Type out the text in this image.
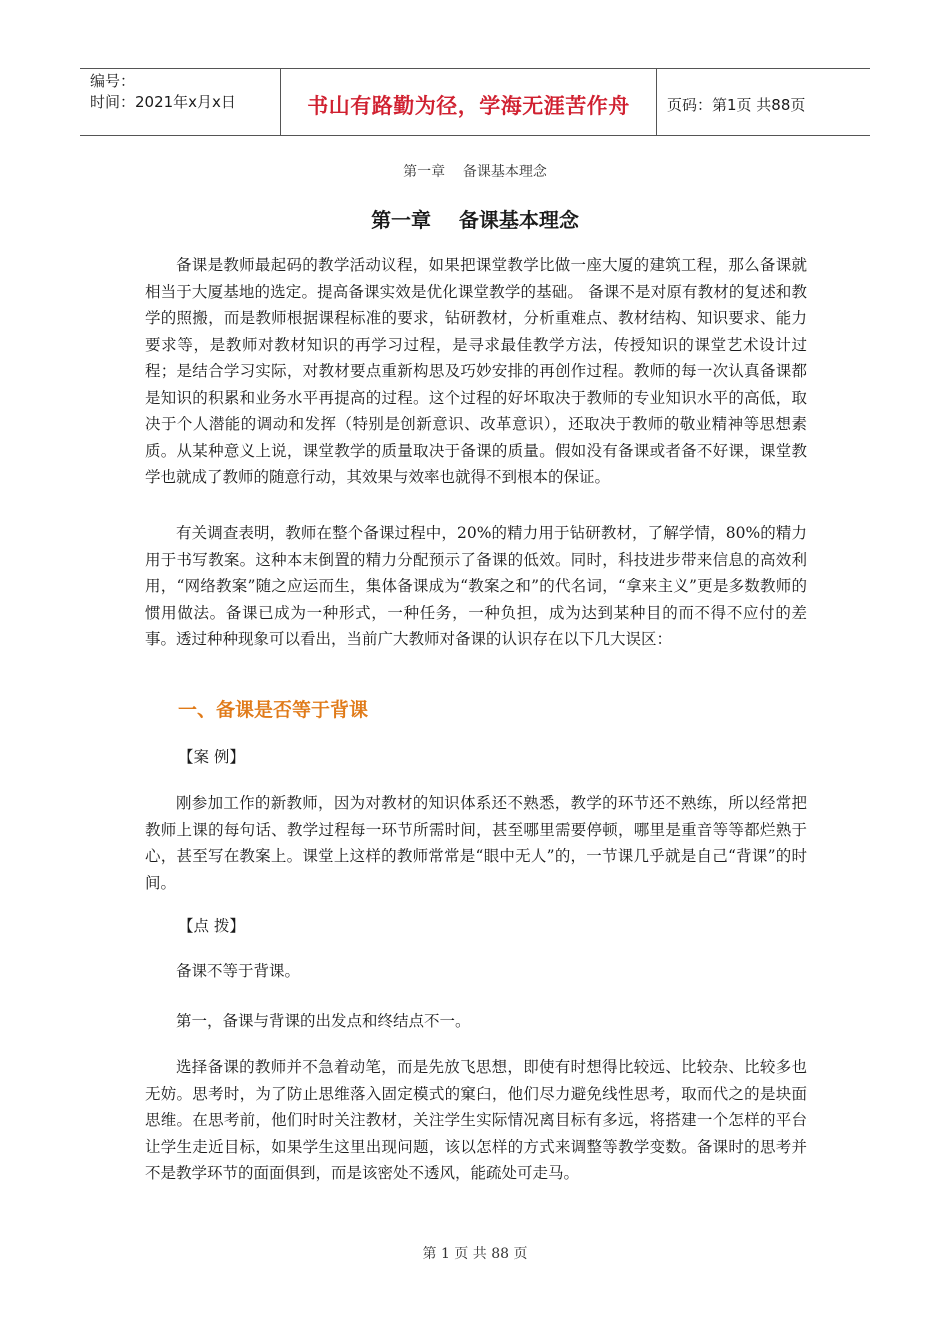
编号：
时间：2021年x月x日	书山有路勤为径，学海无涯苦作舟 页码：第1页 共88页
第一章    备课基本理念
第一章    备课基本理念

备课是教师最起码的教学活动议程，如果把课堂教学比做一座大厦的建筑工程，那么备课就相当于大厦基地的选定。提高备课实效是优化课堂教学的基础。 备课不是对原有教材的复述和教学的照搬，而是教师根据课程标准的要求，钻研教材，分析重难点、教材结构、知识要求、能力要求等，是教师对教材知识的再学习过程，是寻求最佳教学方法，传授知识的课堂艺术设计过程；是结合学习实际，对教材要点重新构思及巧妙安排的再创作过程。教师的每一次认真备课都是知识的积累和业务水平再提高的过程。这个过程的好坏取决于教师的专业知识水平的高低，取决于个人潜能的调动和发挥（特别是创新意识、改革意识），还取决于教师的敬业精神等思想素质。从某种意义上说，课堂教学的质量取决于备课的质量。假如没有备课或者备不好课，课堂教学也就成了教师的随意行动，其效果与效率也就得不到根本的保证。

有关调查表明，教师在整个备课过程中，20%的精力用于钻研教材，了解学情，80%的精力用于书写教案。这种本末倒置的精力分配预示了备课的低效。同时，科技进步带来信息的高效利用，“网络教案”随之应运而生，集体备课成为“教案之和”的代名词，“拿来主义”更是多数教师的惯用做法。备课已成为一种形式，一种任务，一种负担，成为达到某种目的而不得不应付的差事。透过种种现象可以看出，当前广大教师对备课的认识存在以下几大误区：

一、备课是否等于背课
【案 例】

刚参加工作的新教师，因为对教材的知识体系还不熟悉，教学的环节还不熟练，所以经常把教师上课的每句话、教学过程每一环节所需时间，甚至哪里需要停顿，哪里是重音等等都烂熟于心，甚至写在教案上。课堂上这样的教师常常是“眼中无人”的，一节课几乎就是自己“背课”的时间。

【点 拨】

备课不等于背课。

第一，备课与背课的出发点和终结点不一。

选择备课的教师并不急着动笔，而是先放飞思想，即使有时想得比较远、比较杂、比较多也无妨。思考时，为了防止思维落入固定模式的窠臼，他们尽力避免线性思考，取而代之的是块面思维。在思考前，他们时时关注教材，关注学生实际情况离目标有多远，将搭建一个怎样的平台让学生走近目标，如果学生这里出现问题，该以怎样的方式来调整等教学变数。备课时的思考并不是教学环节的面面俱到，而是该密处不透风，能疏处可走马。

第 1 页 共 88 页
